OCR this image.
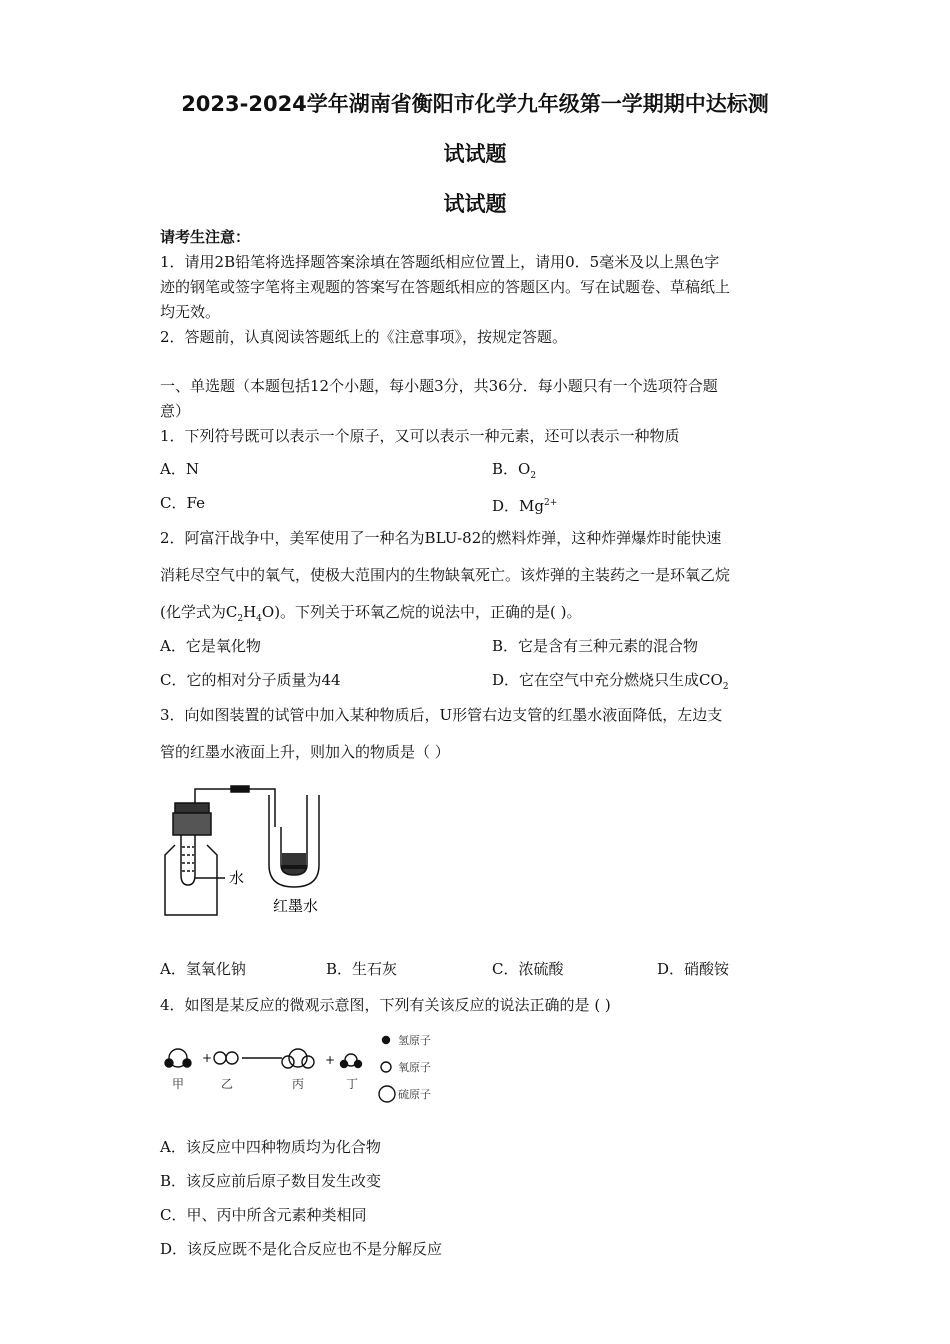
2023-2024学年湖南省衡阳市化学九年级第一学期期中达标测
试试题
试试题
请考生注意：
1．请用2B铅笔将选择题答案涂填在答题纸相应位置上，请用0．5毫米及以上黑色字
迹的钢笔或签字笔将主观题的答案写在答题纸相应的答题区内。写在试题卷、草稿纸上
均无效。
2．答题前，认真阅读答题纸上的《注意事项》，按规定答题。
一、单选题（本题包括12个小题，每小题3分，共36分．每小题只有一个选项符合题
意）
1．下列符号既可以表示一个原子，又可以表示一种元素，还可以表示一种物质
A．N	B．$O_2$
C．Fe	D．$Mg^{2+}$
2．阿富汗战争中，美军使用了一种名为BLU-82的燃料炸弹，这种炸弹爆炸时能快速
消耗尽空气中的氧气，使极大范围内的生物缺氧死亡。该炸弹的主装药之一是环氧乙烷
(化学式为$C_2H_4O$)。下列关于环氧乙烷的说法中，正确的是( )。
A．它是氧化物	B．它是含有三种元素的混合物
C．它的相对分子质量为44	D．它在空气中充分燃烧只生成$CO_2$
3．向如图装置的试管中加入某种物质后，U形管右边支管的红墨水液面降低，左边支
管的红墨水液面上升，则加入的物质是（ ）
水
红墨水
A．氢氧化钠	B．生石灰	C．浓硫酸	D．硝酸铵
4．如图是某反应的微观示意图，下列有关该反应的说法正确的是 ( )
+	+
甲	乙	丙	丁
氢原子
氧原子
硫原子
A．该反应中四种物质均为化合物
B．该反应前后原子数目发生改变
C．甲、丙中所含元素种类相同
D．该反应既不是化合反应也不是分解反应
